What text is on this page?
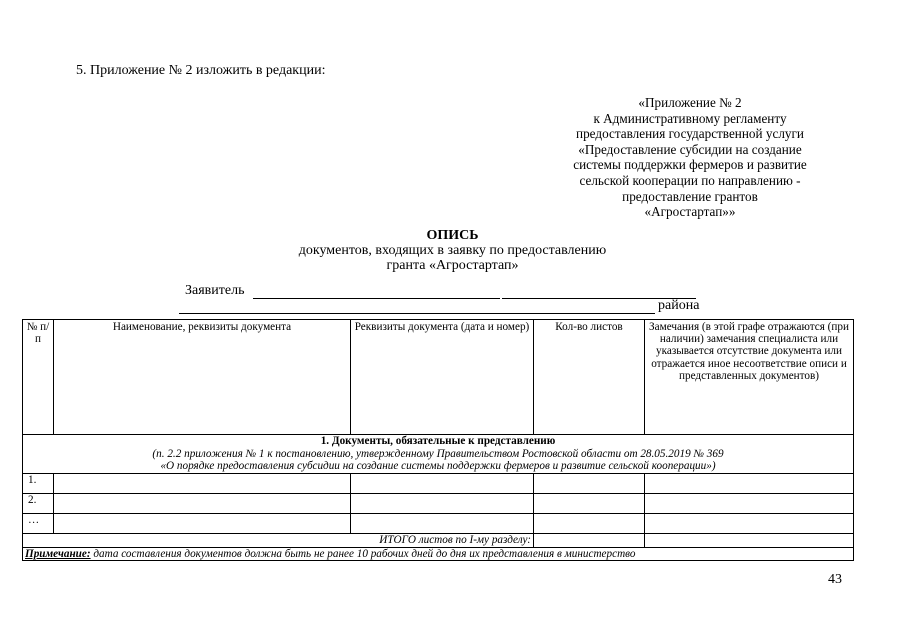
5. Приложение № 2 изложить в редакции:
«Приложение № 2
к Административному регламенту
предоставления государственной услуги
«Предоставление субсидии на создание
системы поддержки фермеров и развитие
сельской кооперации по направлению -
предоставление грантов
«Агростартап»»
ОПИСЬ
документов, входящих в заявку по предоставлению
гранта «Агростартап»
Заявитель
района
№ п/п	Наименование, реквизиты документа	Реквизиты документа (дата и номер)	Кол-во листов	Замечания (в этой графе отражаются (при наличии) замечания специалиста или указывается отсутствие документа или отражается иное несоответствие описи и представленных документов)

1. Документы, обязательные к представлению
(п. 2.2 приложения № 1 к постановлению, утвержденному Правительством Ростовской области от 28.05.2019 № 369
«О порядке предоставления субсидии на создание системы поддержки фермеров и развитие сельской кооперации»)				

1.				
2.				
…				
ИТОГО листов по I-му разделу:				
Примечание: дата составления документов должна быть не ранее 10 рабочих дней до дня их представления в министерство				
43
